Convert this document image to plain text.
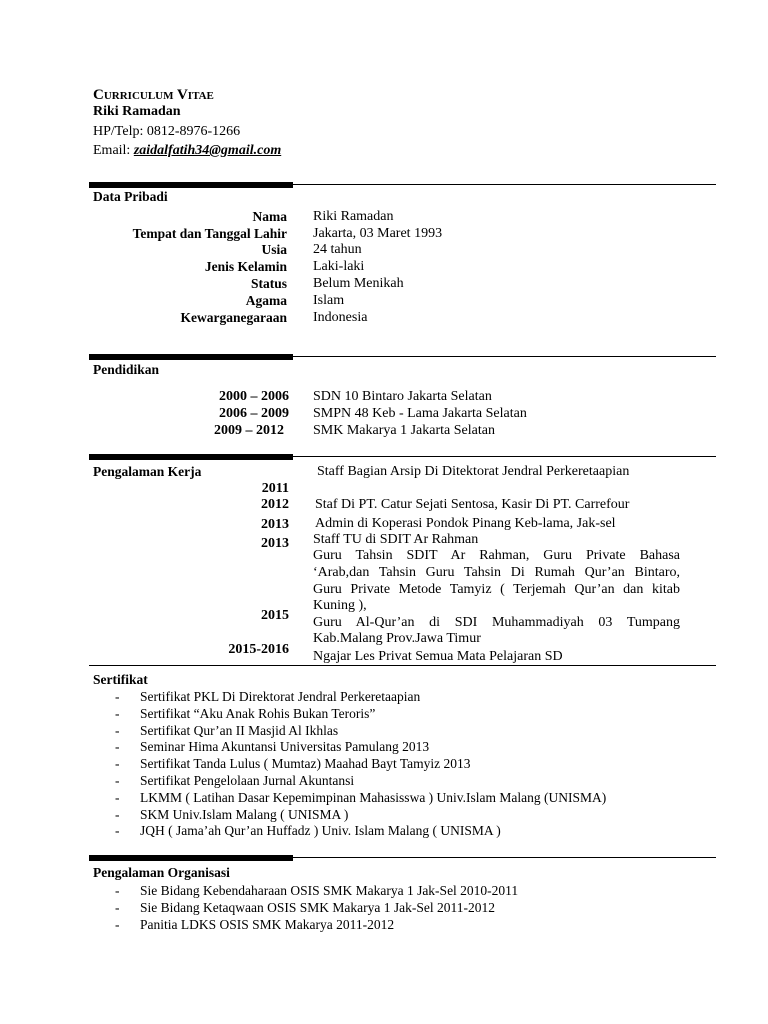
Curriculum Vitae
Riki Ramadan
HP/Telp: 0812-8976-1266
Email: zaidalfatih34@gmail.com
Data Pribadi
Nama Riki Ramadan
Tempat dan Tanggal Lahir Jakarta, 03 Maret 1993
Usia 24 tahun
Jenis Kelamin Laki-laki
Status Belum Menikah
Agama Islam
Kewarganegaraan Indonesia
Pendidikan
2000 – 2006 SDN 10 Bintaro Jakarta Selatan
2006 – 2009 SMPN 48 Keb - Lama Jakarta Selatan
2009 – 2012 SMK Makarya 1 Jakarta Selatan
Pengalaman Kerja
2011
2012
2013
2013
2015
2015-2016
Staff Bagian Arsip Di Ditektorat Jendral Perkeretaapian
Staf Di PT. Catur Sejati Sentosa, Kasir Di PT. Carrefour
Admin di Koperasi Pondok Pinang Keb-lama, Jak-sel
Staff TU di SDIT Ar Rahman
Guru Tahsin SDIT Ar Rahman, Guru Private Bahasa
‘Arab,dan Tahsin Guru Tahsin Di Rumah Qur’an Bintaro,
Guru Private Metode Tamyiz ( Terjemah Qur’an dan kitab
Kuning ),
Guru Al-Qur’an di SDI Muhammadiyah 03 Tumpang
Kab.Malang Prov.Jawa Timur
Ngajar Les Privat Semua Mata Pelajaran SD
Sertifikat
- Sertifikat PKL Di Direktorat Jendral Perkeretaapian
- Sertifikat “Aku Anak Rohis Bukan Teroris”
- Sertifikat Qur’an II Masjid Al Ikhlas
- Seminar Hima Akuntansi Universitas Pamulang 2013
- Sertifikat Tanda Lulus ( Mumtaz) Maahad Bayt Tamyiz 2013
- Sertifikat Pengelolaan Jurnal Akuntansi
- LKMM ( Latihan Dasar Kepemimpinan Mahasisswa ) Univ.Islam Malang (UNISMA)
- SKM Univ.Islam Malang ( UNISMA )
- JQH ( Jama’ah Qur’an Huffadz ) Univ. Islam Malang ( UNISMA )
Pengalaman Organisasi
- Sie Bidang Kebendaharaan OSIS SMK Makarya 1 Jak-Sel 2010-2011
- Sie Bidang Ketaqwaan OSIS SMK Makarya 1 Jak-Sel 2011-2012
- Panitia LDKS OSIS SMK Makarya 2011-2012
